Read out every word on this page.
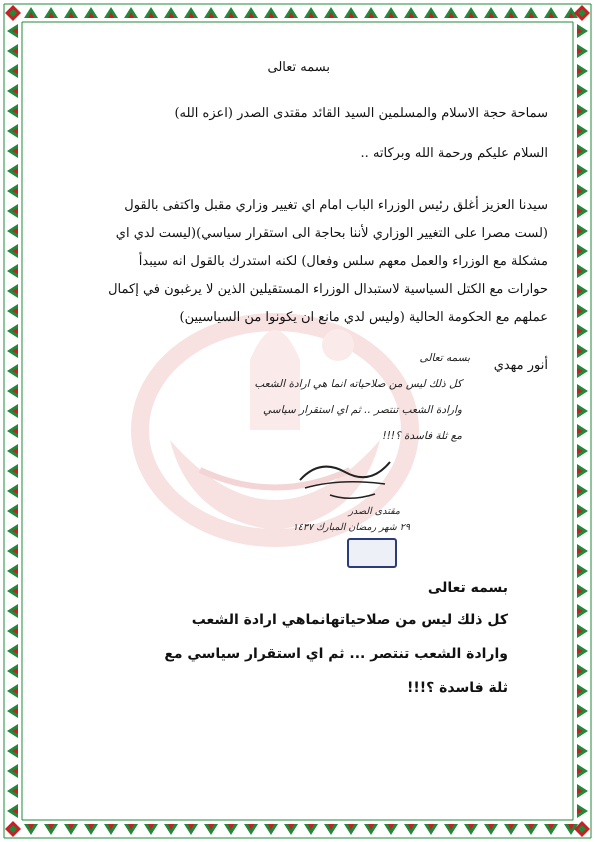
بسمه تعالى
سماحة حجة الاسلام والمسلمين السيد القائد مقتدى الصدر (اعزه الله)
السلام عليكم ورحمة الله وبركاته ..
سيدنا العزيز أغلق رئيس الوزراء الباب امام اي تغيير وزاري مقبل واكتفى بالقول
(لست مصرا على التغيير الوزاري لأننا بحاجة الى استقرار سياسي)(ليست لدي اي
مشكلة مع الوزراء والعمل معهم سلس وفعال) لكنه استدرك بالقول انه سيبدأ
حوارات مع الكتل السياسية لاستبدال الوزراء المستقيلين الذين لا يرغبون في إكمال
عملهم مع الحكومة الحالية (وليس لدي مانع ان يكونوا من السياسيين)
أنور مهدي
بسمه تعالى
كل ذلك ليس من صلاحياته انما هي ارادة الشعب
وارادة الشعب تنتصر .. ثم اي استقرار سياسي
مع ثلة فاسدة ؟!!!
مقتدى الصدر
٢٩ شهر رمضان المبارك ١٤٣٧
بسمه تعالى
كل ذلك ليس من صلاحياتهانماهي ارادة الشعب
وارادة الشعب تنتصر ... ثم اي استقرار سياسي مع
ثلة فاسدة ؟!!!
